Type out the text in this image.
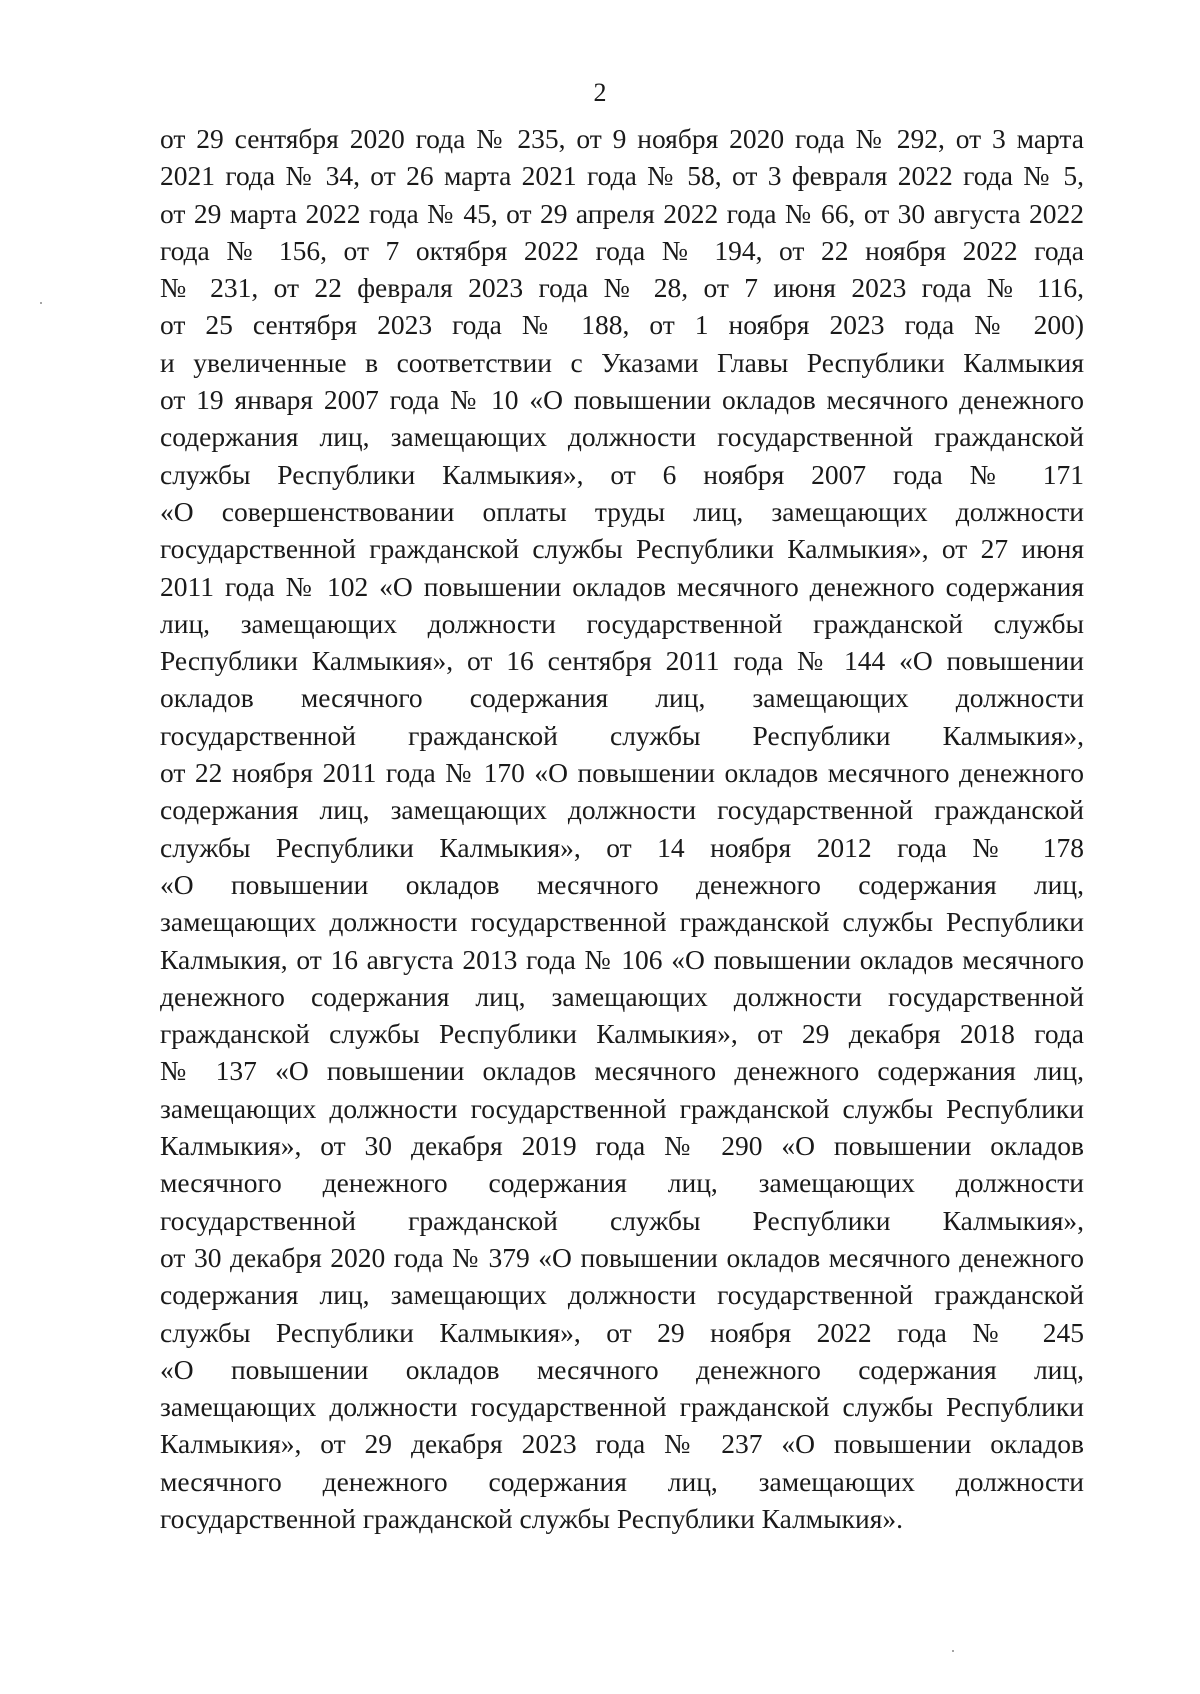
2
от 29 сентября 2020 года № 235, от 9 ноября 2020 года № 292, от 3 марта
2021 года № 34, от 26 марта 2021 года № 58, от 3 февраля 2022 года № 5,
от 29 марта 2022 года № 45, от 29 апреля 2022 года № 66, от 30 августа 2022
года № 156, от 7 октября 2022 года № 194, от 22 ноября 2022 года
№ 231, от 22 февраля 2023 года № 28, от 7 июня 2023 года № 116,
от 25 сентября 2023 года № 188, от 1 ноября 2023 года № 200)
и увеличенные в соответствии с Указами Главы Республики Калмыкия
от 19 января 2007 года № 10 «О повышении окладов месячного денежного
содержания лиц, замещающих должности государственной гражданской
службы Республики Калмыкия», от 6 ноября 2007 года № 171
«О совершенствовании оплаты труды лиц, замещающих должности
государственной гражданской службы Республики Калмыкия», от 27 июня
2011 года № 102 «О повышении окладов месячного денежного содержания
лиц, замещающих должности государственной гражданской службы
Республики Калмыкия», от 16 сентября 2011 года № 144 «О повышении
окладов месячного содержания лиц, замещающих должности
государственной гражданской службы Республики Калмыкия»,
от 22 ноября 2011 года № 170 «О повышении окладов месячного денежного
содержания лиц, замещающих должности государственной гражданской
службы Республики Калмыкия», от 14 ноября 2012 года № 178
«О повышении окладов месячного денежного содержания лиц,
замещающих должности государственной гражданской службы Республики
Калмыкия, от 16 августа 2013 года № 106 «О повышении окладов месячного
денежного содержания лиц, замещающих должности государственной
гражданской службы Республики Калмыкия», от 29 декабря 2018 года
№ 137 «О повышении окладов месячного денежного содержания лиц,
замещающих должности государственной гражданской службы Республики
Калмыкия», от 30 декабря 2019 года № 290 «О повышении окладов
месячного денежного содержания лиц, замещающих должности
государственной гражданской службы Республики Калмыкия»,
от 30 декабря 2020 года № 379 «О повышении окладов месячного денежного
содержания лиц, замещающих должности государственной гражданской
службы Республики Калмыкия», от 29 ноября 2022 года № 245
«О повышении окладов месячного денежного содержания лиц,
замещающих должности государственной гражданской службы Республики
Калмыкия», от 29 декабря 2023 года № 237 «О повышении окладов
месячного денежного содержания лиц, замещающих должности
государственной гражданской службы Республики Калмыкия».
